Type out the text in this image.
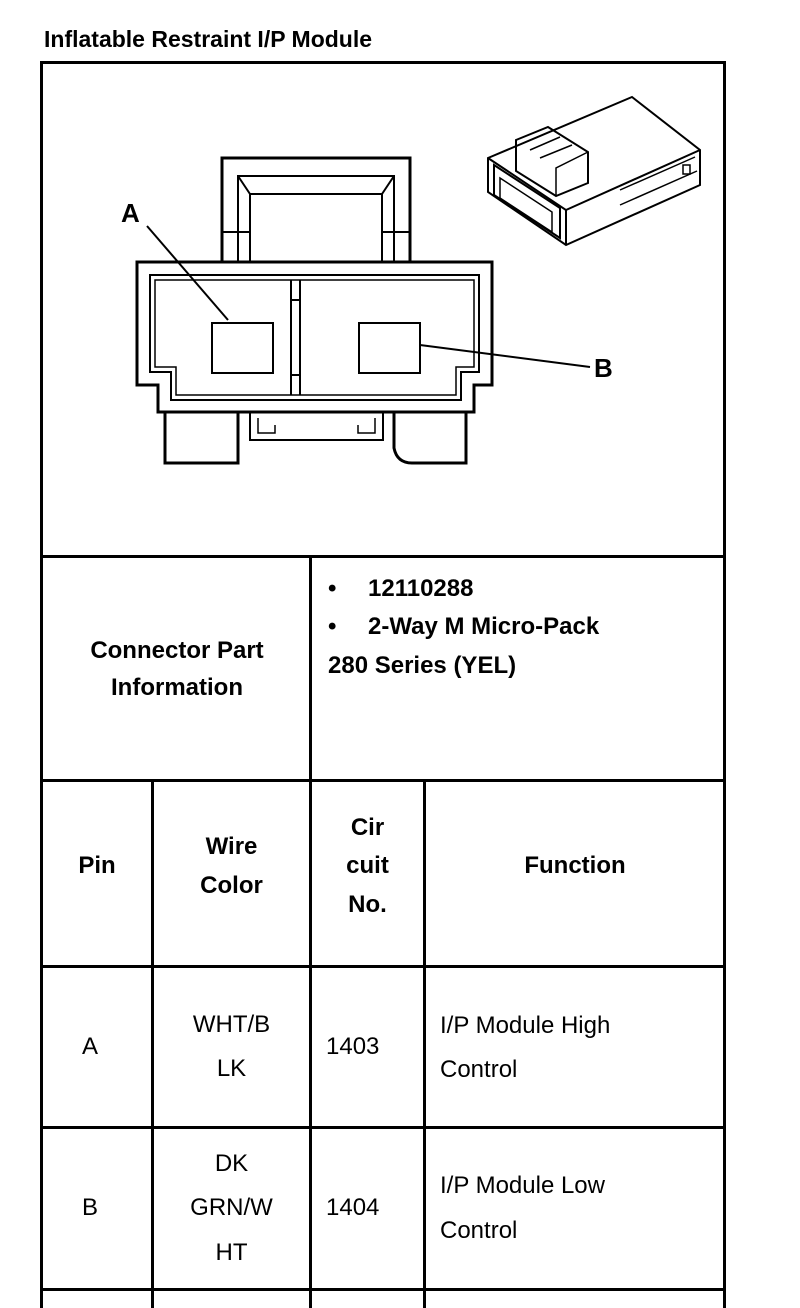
Inflatable Restraint I/P Module
A
B
Connector Part
Information
•	12110288
•	2-Way M Micro-Pack
280 Series (YEL)
Pin
Wire
Color
Cir
cuit
No.
Function
A
WHT/B
LK
1403
I/P Module High
Control
B
DK
GRN/W
HT
1404
I/P Module Low
Control
